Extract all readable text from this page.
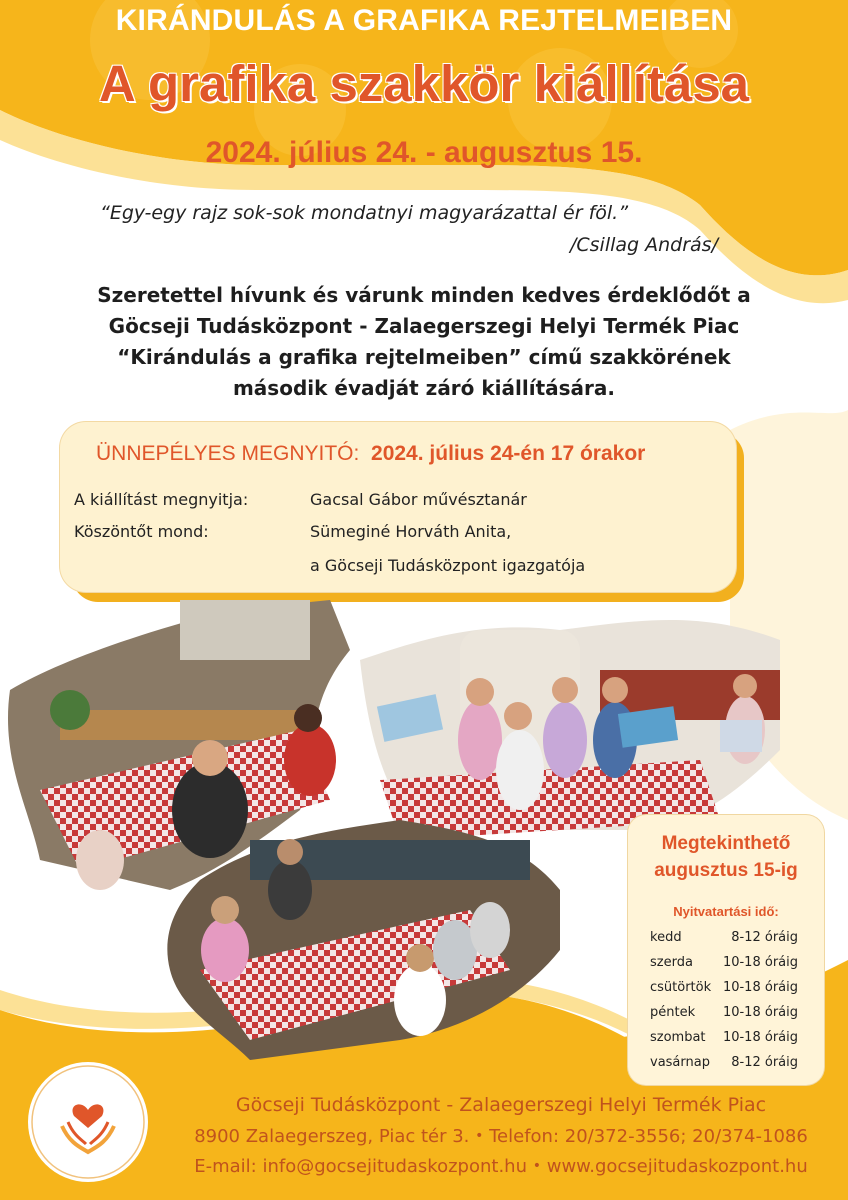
KIRÁNDULÁS A GRAFIKA REJTELMEIBEN
A grafika szakkör kiállítása
2024. július 24. - augusztus 15.
“Egy-egy rajz sok-sok mondatnyi magyarázattal ér föl.”
/Csillag András/
Szeretettel hívunk és várunk minden kedves érdeklődőt a
Göcseji Tudásközpont - Zalaegerszegi Helyi Termék Piac
“Kirándulás a grafika rejtelmeiben” című szakkörének
második évadját záró kiállítására.
ÜNNEPÉLYES MEGNYITÓ: 2024. július 24-én 17 órakor
A kiállítást megnyitja:	Gacsal Gábor művésztanár
Köszöntőt mond:	Sümeginé Horváth Anita,
a Göcseji Tudásközpont igazgatója
Megtekinthető
augusztus 15-ig
Nyitvatartási idő:
kedd	8-12 óráig
szerda 10-18 óráig
csütörtök 10-18 óráig
péntek 10-18 óráig
szombat 10-18 óráig
vasárnap 8-12 óráig
Göcseji Tudásközpont - Zalaegerszegi Helyi Termék Piac
8900 Zalaegerszeg, Piac tér 3. • Telefon: 20/372-3556; 20/374-1086
E-mail: info@gocsejitudaskozpont.hu • www.gocsejitudaskozpont.hu
